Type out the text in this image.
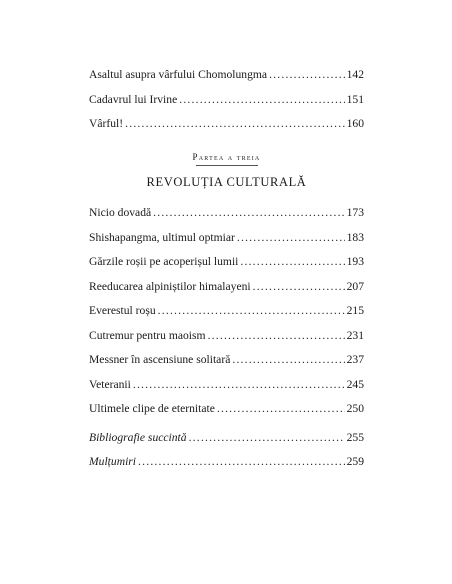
Asaltul asupra vârfului Chomolungma .....	142
Cadavrul lui Irvine .....	151
Vârful! .....	160
Partea a treia
REVOLUȚIA CULTURALĂ
Nicio dovadă .....	173
Shishapangma, ultimul optmiar .....	183
Gărzile roșii pe acoperișul lumii .....	193
Reeducarea alpiniștilor himalayeni .....	207
Everestul roșu .....	215
Cutremur pentru maoism .....	231
Messner în ascensiune solitară .....	237
Veteranii .....	245
Ultimele clipe de eternitate .....	250
Bibliografie succintă .....	255
Mulțumiri .....	259
